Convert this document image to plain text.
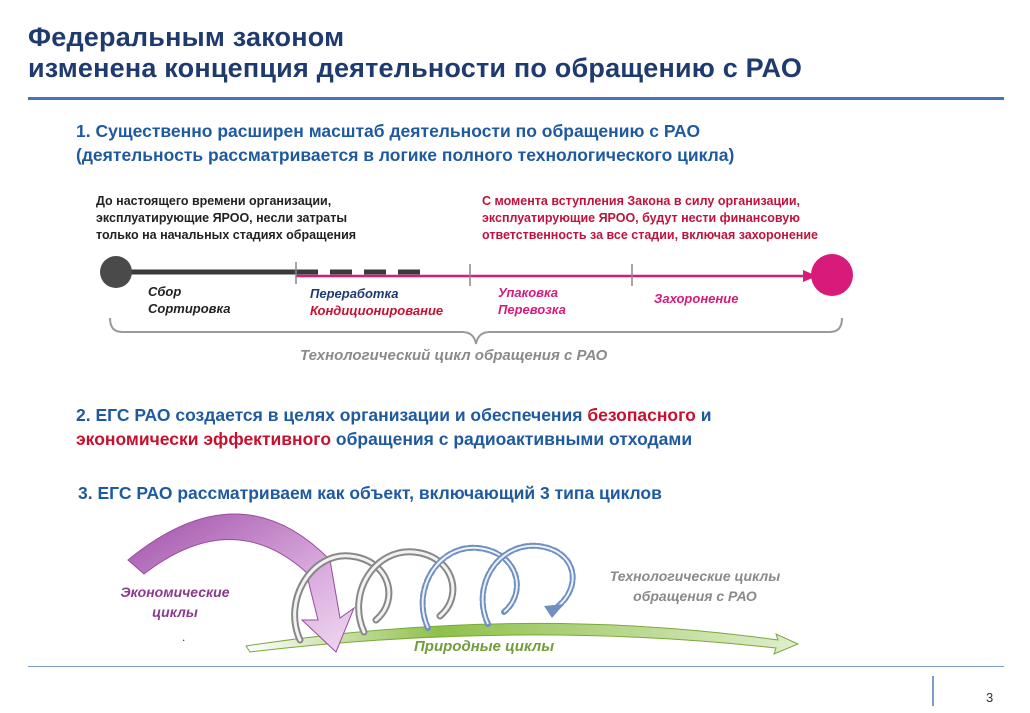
Федеральным законом
изменена концепция деятельности по обращению с РАО
1. Существенно расширен масштаб деятельности по обращению с РАО
(деятельность рассматривается в логике полного технологического цикла)
До настоящего времени организации,
эксплуатирующие ЯРОО, несли затраты
только на начальных стадиях обращения
С момента вступления Закона в силу организации,
эксплуатирующие ЯРОО, будут нести финансовую
ответственность за все стадии, включая захоронение
Сбор
Сортировка
Переработка
Кондиционирование
Упаковка
Перевозка
Захоронение
Технологический цикл обращения с РАО
2. ЕГС РАО создается в целях организации и обеспечения безопасного и
экономически эффективного обращения с радиоактивными отходами
3. ЕГС РАО рассматриваем как объект, включающий 3 типа циклов
Экономические
циклы
Технологические циклы
обращения с РАО
Природные циклы
.
3
